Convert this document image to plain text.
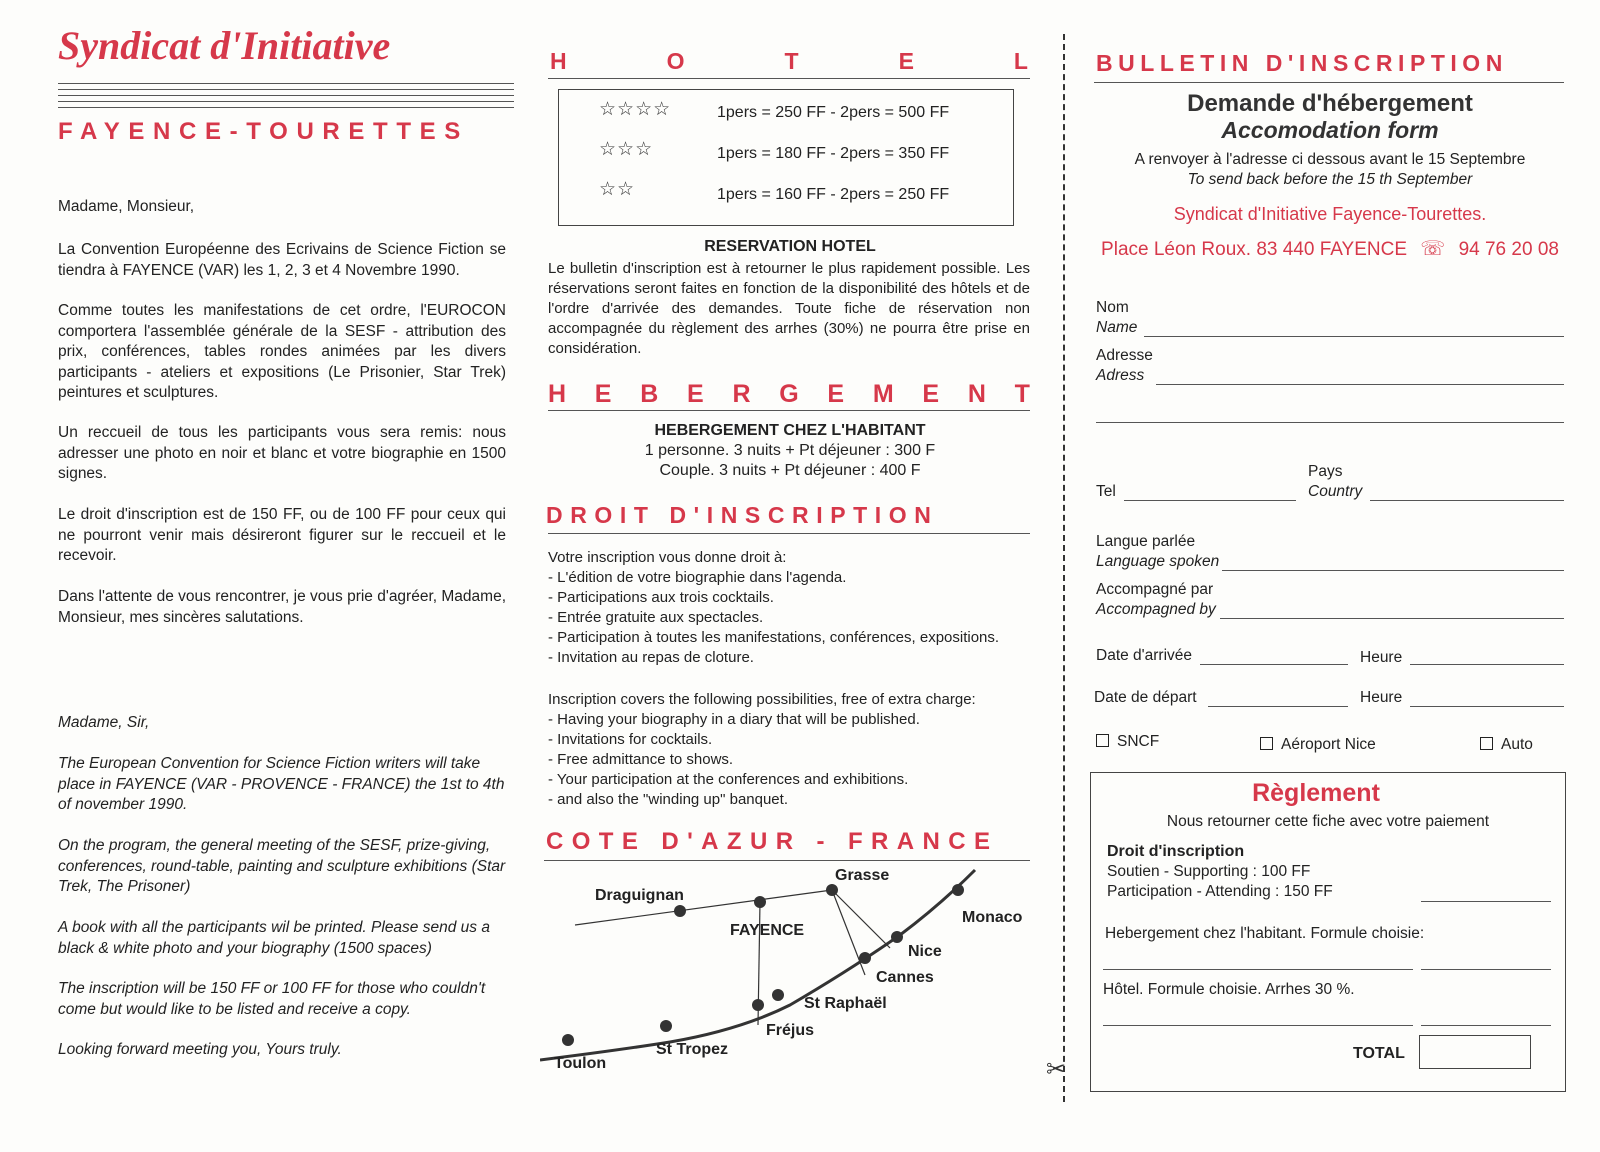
Syndicat d'Initiative
FAYENCE-TOURETTES

Madame, Monsieur,

La Convention Européenne des Ecrivains de Science Fiction se tiendra à FAYENCE (VAR) les 1, 2, 3 et 4 Novembre 1990.

Comme toutes les manifestations de cet ordre, l'EUROCON comportera l'assemblée générale de la SESF - attribution des prix, conférences, tables rondes animées par les divers participants - ateliers et expositions (Le Prisonier, Star Trek) peintures et sculptures.

Un reccueil de tous les participants vous sera remis: nous adresser une photo en noir et blanc et votre biographie en 1500 signes.

Le droit d'inscription est de 150 FF, ou de 100 FF pour ceux qui ne pourront venir mais désireront figurer sur le reccueil et le recevoir.

Dans l'attente de vous rencontrer, je vous prie d'agréer, Madame, Monsieur, mes sincères salutations.

Madame, Sir,

The European Convention for Science Fiction writers will take place in FAYENCE (VAR - PROVENCE - FRANCE) the 1st to 4th of november 1990.

On the program, the general meeting of the SESF, prize-giving, conferences, round-table, painting and sculpture exhibitions (Star Trek, The Prisoner)

A book with all the participants wil be printed. Please send us a black & white photo and your biography (1500 spaces)

The inscription will be 150 FF or 100 FF for those who couldn't come but would like to be listed and receive a copy.

Looking forward meeting you, Yours truly.

H	O	T	E	L
☆☆☆☆	1pers = 250 FF - 2pers = 500 FF
☆☆☆	1pers = 180 FF - 2pers = 350 FF
☆☆	1pers = 160 FF - 2pers = 250 FF
RESERVATION HOTEL

Le bulletin d'inscription est à retourner le plus rapidement possible. Les réservations seront faites en fonction de la disponibilité des hôtels et de l'ordre d'arrivée des demandes. Toute fiche de réservation non accompagnée du règlement des arrhes (30%) ne pourra être prise en considération.

H E B E R G E M E N T
HEBERGEMENT CHEZ L'HABITANT
1 personne. 3 nuits + Pt déjeuner : 300 F
Couple. 3 nuits + Pt déjeuner : 400 F
DROIT D'INSCRIPTION
Votre inscription vous donne droit à:
- L'édition de votre biographie dans l'agenda.
- Participations aux trois cocktails.
- Entrée gratuite aux spectacles.
- Participation à toutes les manifestations, conférences, expositions.
- Invitation au repas de cloture.
Inscription covers the following possibilities, free of extra charge:
- Having your biography in a diary that will be published.
- Invitations for cocktails.
- Free admittance to shows.
- Your participation at the conferences and exhibitions.
- and also the "winding up" banquet.
COTE D'AZUR - FRANCE
Draguignan
Grasse
FAYENCE
Monaco
Nice
Cannes
St Raphaël
Fréjus
St Tropez
Toulon	✂
BULLETIN D'INSCRIPTION
Demande d'hébergement
Accomodation form
A renvoyer à l'adresse ci dessous avant le 15 Septembre
To send back before the 15 th September
Syndicat d'Initiative Fayence-Tourettes.
Place Léon Roux. 83 440 FAYENCE ☏ 94 76 20 08
Nom
Name
Adresse
Adress
Tel
Pays
Country
Langue parlée
Language spoken
Accompagné par
Accompagned by
Date d'arrivée	Heure
Date de départ	Heure
SNCF	Aéroport Nice	Auto
Règlement
Nous retourner cette fiche avec votre paiement
Droit d'inscription
Soutien - Supporting : 100 FF
Participation - Attending : 150 FF
Hebergement chez l'habitant. Formule choisie:
Hôtel. Formule choisie. Arrhes 30 %.
TOTAL
